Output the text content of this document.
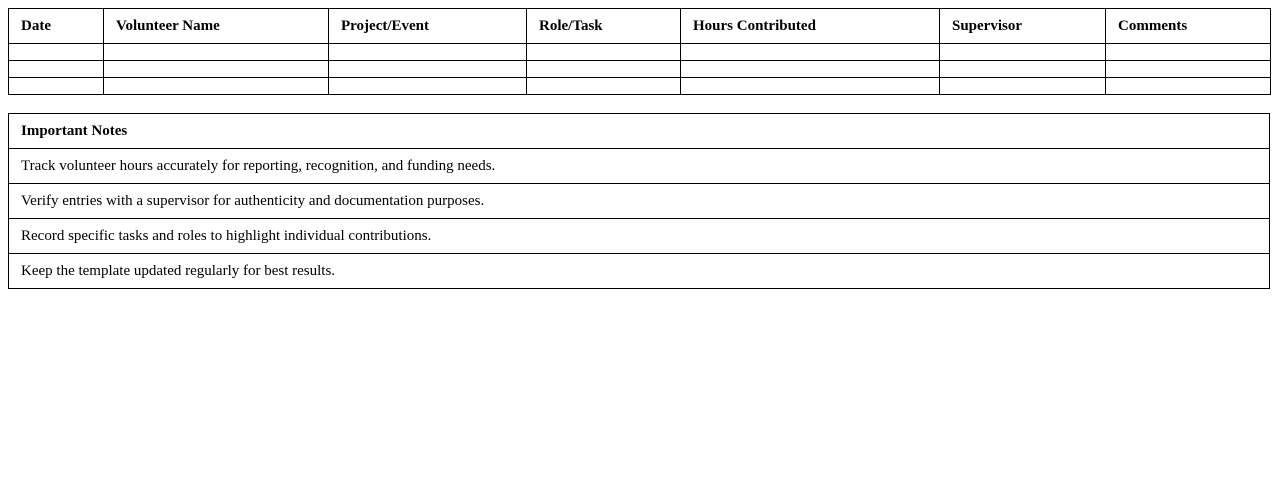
Date	Volunteer Name	Project/Event	Role/Task	Hours Contributed	Supervisor	Comments

Important Notes
Track volunteer hours accurately for reporting, recognition, and funding needs.
Verify entries with a supervisor for authenticity and documentation purposes.
Record specific tasks and roles to highlight individual contributions.
Keep the template updated regularly for best results.
